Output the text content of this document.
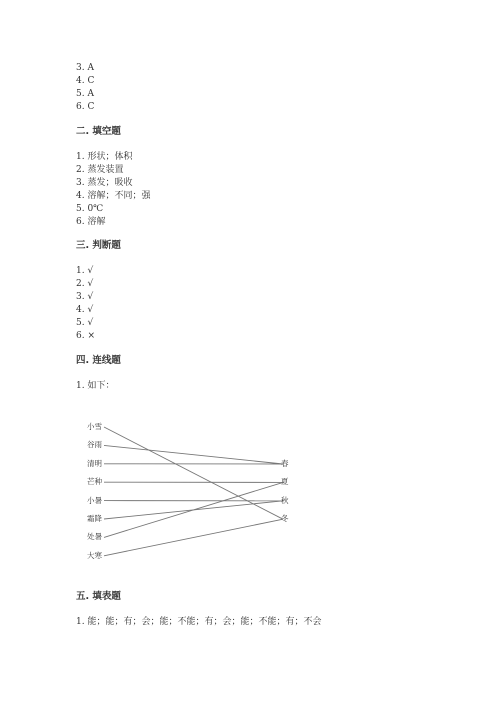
3. A
4. C
5. A
6. C
二. 填空题
1. 形状；体积
2. 蒸发装置
3. 蒸发；吸收
4. 溶解；不同；强
5. 0℃
6. 溶解
三. 判断题
1. √
2. √
3. √
4. √
5. √
6. ×
四. 连线题
1. 如下：
小雪
谷雨
清明
芒种
小暑
霜降
处暑
大寒
春
夏
秋
冬
五. 填表题
1. 能；能；有；会；能；不能；有；会；能；不能；有；不会
